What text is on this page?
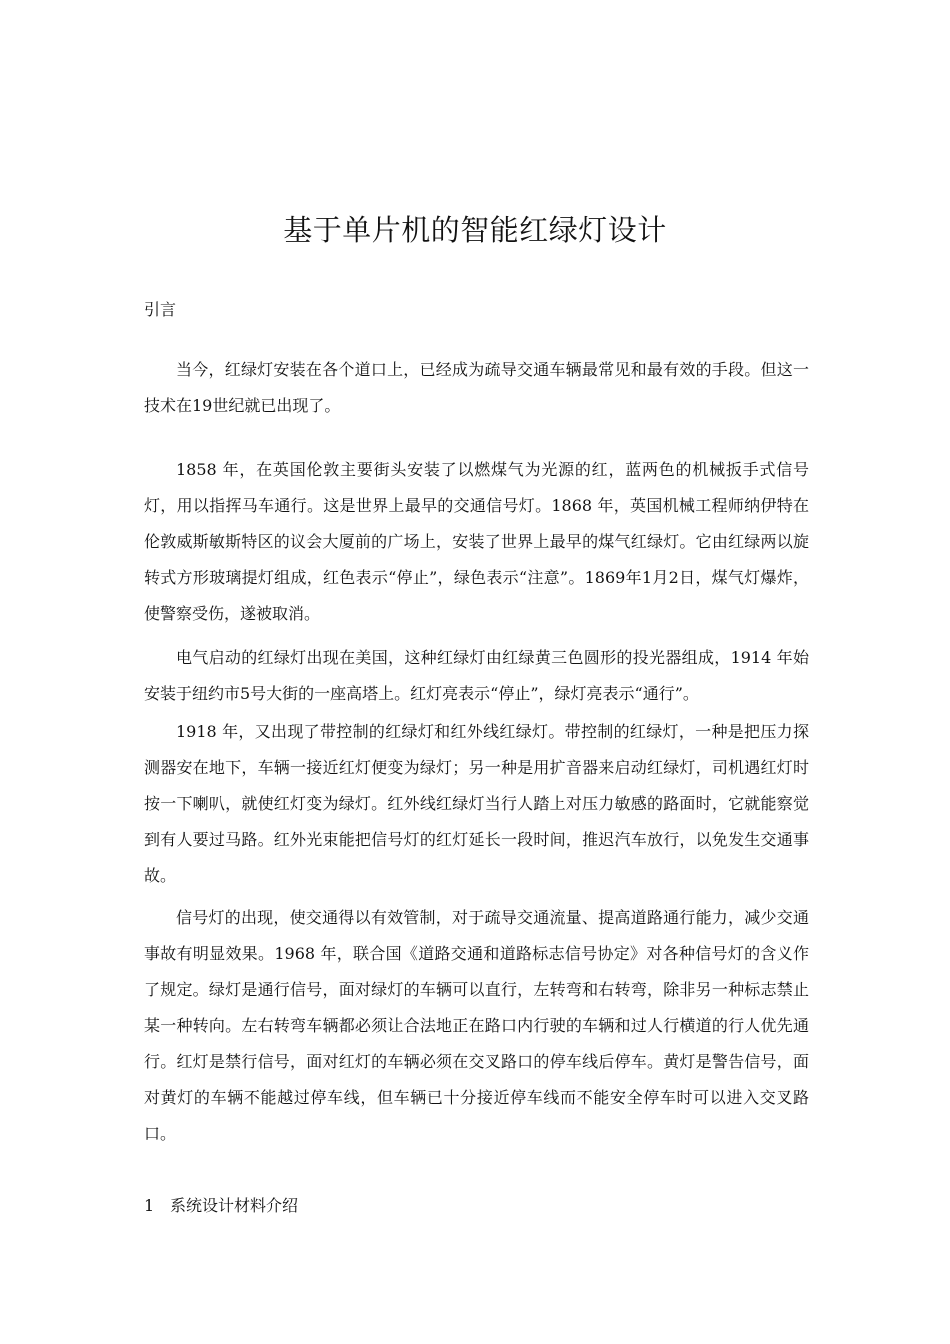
基于单片机的智能红绿灯设计

引言

当今，红绿灯安装在各个道口上，已经成为疏导交通车辆最常见和最有效的手段。但这一技术在19世纪就已出现了。

1858 年，在英国伦敦主要街头安装了以燃煤气为光源的红，蓝两色的机械扳手式信号灯，用以指挥马车通行。这是世界上最早的交通信号灯。1868 年，英国机械工程师纳伊特在伦敦威斯敏斯特区的议会大厦前的广场上，安装了世界上最早的煤气红绿灯。它由红绿两以旋转式方形玻璃提灯组成，红色表示“停止”，绿色表示“注意”。1869年1月2日，煤气灯爆炸，使警察受伤，遂被取消。

电气启动的红绿灯出现在美国，这种红绿灯由红绿黄三色圆形的投光器组成，1914 年始安装于纽约市5号大街的一座高塔上。红灯亮表示“停止”，绿灯亮表示“通行”。

1918 年，又出现了带控制的红绿灯和红外线红绿灯。带控制的红绿灯，一种是把压力探测器安在地下，车辆一接近红灯便变为绿灯；另一种是用扩音器来启动红绿灯，司机遇红灯时按一下喇叭，就使红灯变为绿灯。红外线红绿灯当行人踏上对压力敏感的路面时，它就能察觉到有人要过马路。红外光束能把信号灯的红灯延长一段时间，推迟汽车放行，以免发生交通事故。

信号灯的出现，使交通得以有效管制，对于疏导交通流量、提高道路通行能力，减少交通事故有明显效果。1968 年，联合国《道路交通和道路标志信号协定》对各种信号灯的含义作了规定。绿灯是通行信号，面对绿灯的车辆可以直行，左转弯和右转弯，除非另一种标志禁止某一种转向。左右转弯车辆都必须让合法地正在路口内行驶的车辆和过人行横道的行人优先通行。红灯是禁行信号，面对红灯的车辆必须在交叉路口的停车线后停车。黄灯是警告信号，面对黄灯的车辆不能越过停车线，但车辆已十分接近停车线而不能安全停车时可以进入交叉路口。

1 系统设计材料介绍
